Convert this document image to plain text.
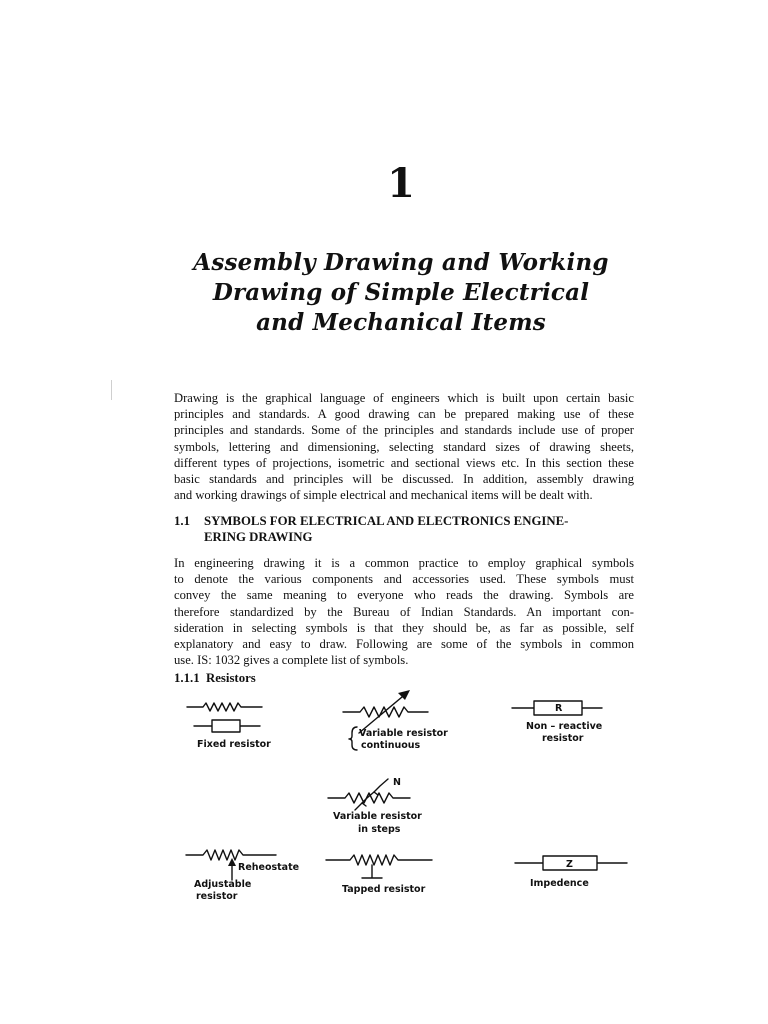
1
Assembly Drawing and Working
Drawing of Simple Electrical
and Mechanical Items
Drawing is the graphical language of engineers which is built upon certain basic
principles and standards. A good drawing can be prepared making use of these
principles and standards. Some of the principles and standards include use of proper
symbols, lettering and dimensioning, selecting standard sizes of drawing sheets,
different types of projections, isometric and sectional views etc. In this section these
basic standards and principles will be discussed. In addition, assembly drawing
and working drawings of simple electrical and mechanical items will be dealt with.
1.1 SYMBOLS FOR ELECTRICAL AND ELECTRONICS ENGINE-
ERING DRAWING
In engineering drawing it is a common practice to employ graphical symbols
to denote the various components and accessories used. These symbols must
convey the same meaning to everyone who reads the drawing. Symbols are
therefore standardized by the Bureau of Indian Standards. An important con-
sideration in selecting symbols is that they should be, as far as possible, self
explanatory and easy to draw. Following are some of the symbols in common
use. IS: 1032 gives a complete list of symbols.
1.1.1 Resistors
Fixed resistor
Variable resistor
continuous
R
Non – reactive
resistor
N
Variable resistor
in steps
Reheostate
Adjustable
resistor
Tapped resistor
Z
Impedence
